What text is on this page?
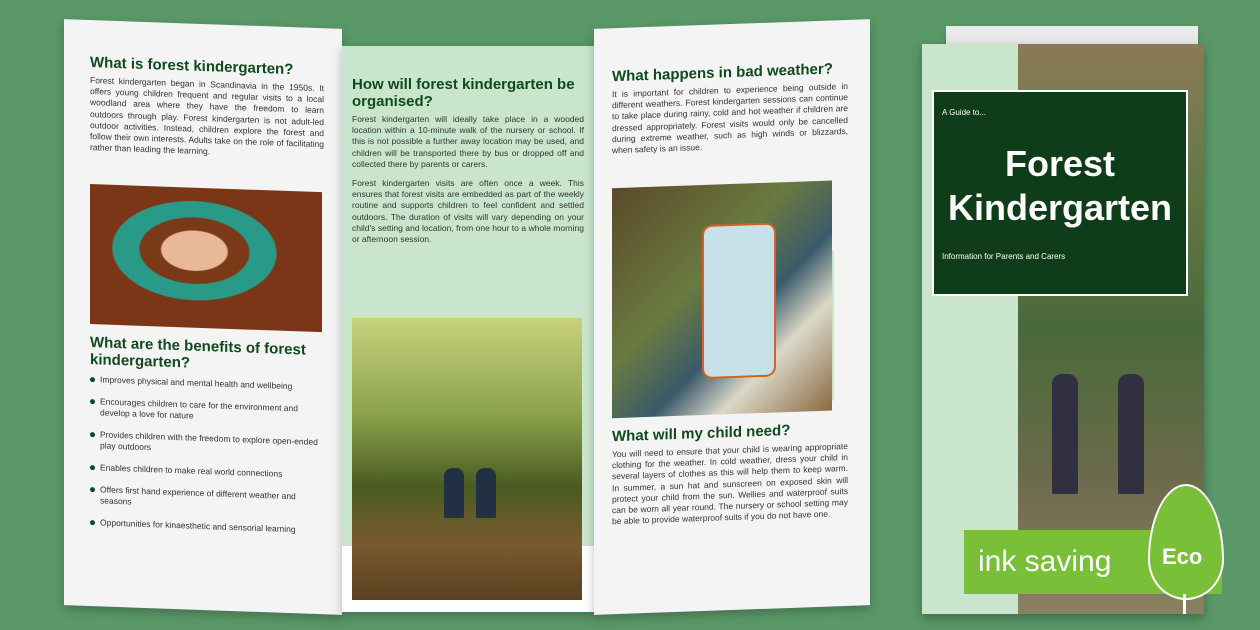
What is forest kindergarten?

Forest kindergarten began in Scandinavia in the 1950s. It offers young children frequent and regular visits to a local woodland area where they have the freedom to learn outdoors through play. Forest kindergarten is not adult-led outdoor activities. Instead, children explore the forest and follow their own interests. Adults take on the role of facilitating rather than leading the learning.

What are the benefits of forest kindergarten?

Improves physical and mental health and wellbeing
Encourages children to care for the environment and develop a love for nature
Provides children with the freedom to explore open-ended play outdoors
Enables children to make real world connections
Offers first hand experience of different weather and seasons
Opportunities for kinaesthetic and sensorial learning

How will forest kindergarten be organised?

Forest kindergarten will ideally take place in a wooded location within a 10-minute walk of the nursery or school. If this is not possible a further away location may be used, and children will be transported there by bus or dropped off and collected there by parents or carers.

Forest kindergarten visits are often once a week. This ensures that forest visits are embedded as part of the weekly routine and supports children to feel confident and settled outdoors. The duration of visits will vary depending on your child's setting and location, from one hour to a whole morning or afternoon session.

What happens in bad weather?

It is important for children to experience being outside in different weathers. Forest kindergarten sessions can continue to take place during rainy, cold and hot weather if children are dressed appropriately. Forest visits would only be cancelled during extreme weather, such as high winds or blizzards, when safety is an issue.

What will my child need?

You will need to ensure that your child is wearing appropriate clothing for the weather. In cold weather, dress your child in several layers of clothes as this will help them to keep warm. In summer, a sun hat and sunscreen on exposed skin will protect your child from the sun. Wellies and waterproof suits can be worn all year round. The nursery or school setting may be able to provide waterproof suits if you do not have one.

A Guide to...
Forest
Kindergarten
Information for Parents and Carers
ink saving Eco
